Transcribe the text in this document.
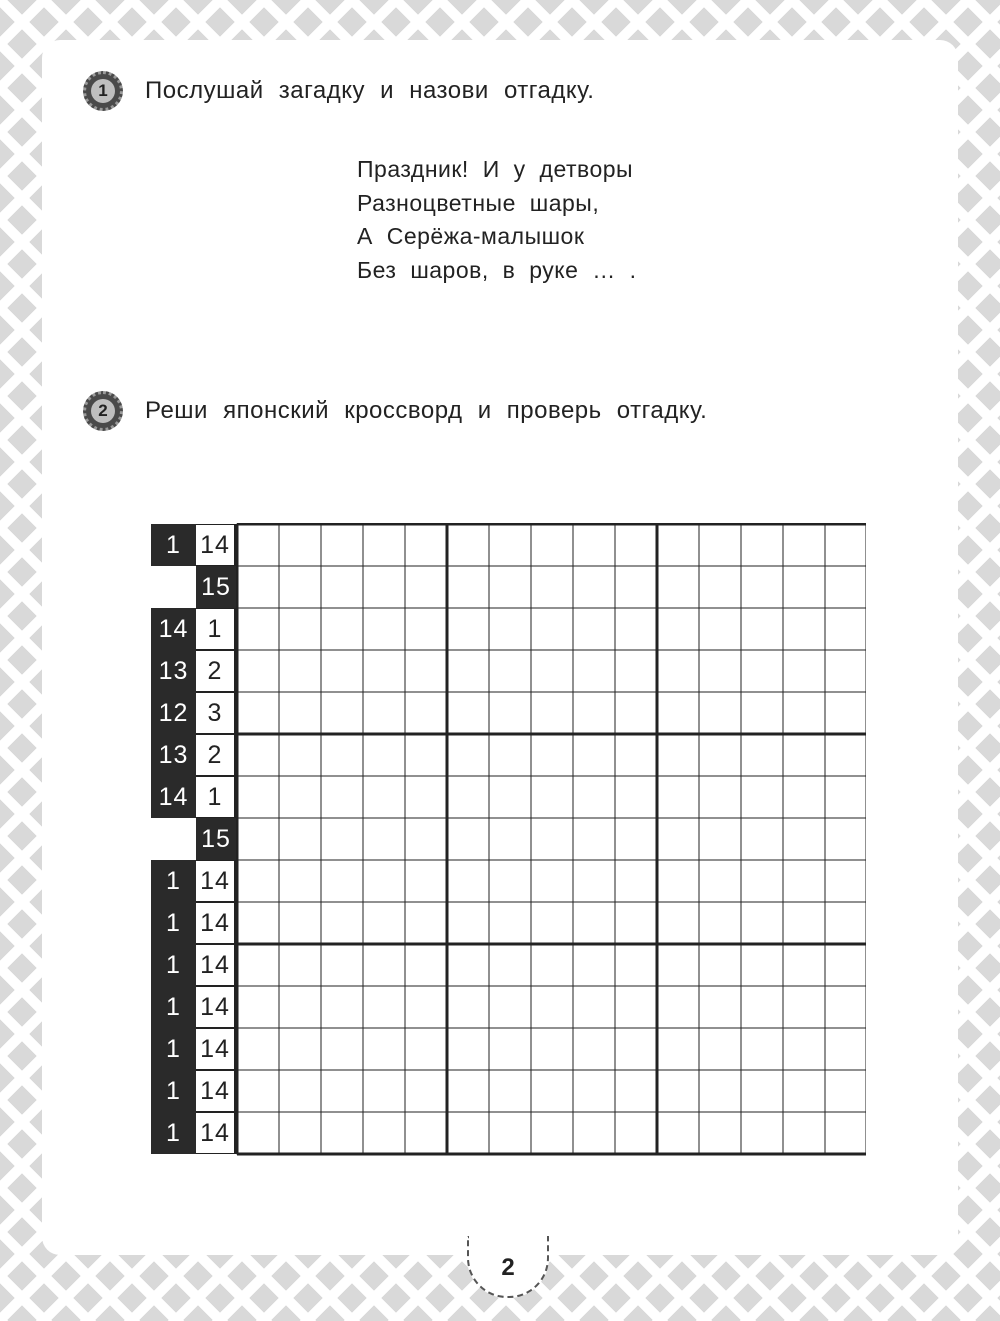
1	Послушай загадку и назови отгадку.
Праздник! И у детворы
Разноцветные шары,
А Серёжа-малышок
Без шаров, в руке … .
2	Реши японский кроссворд и проверь отгадку.
1 14
15
14 1
13 2
12 3
13 2
14 1
15
1 14
1 14
1 14
1 14
1 14
1 14
1 14
2
